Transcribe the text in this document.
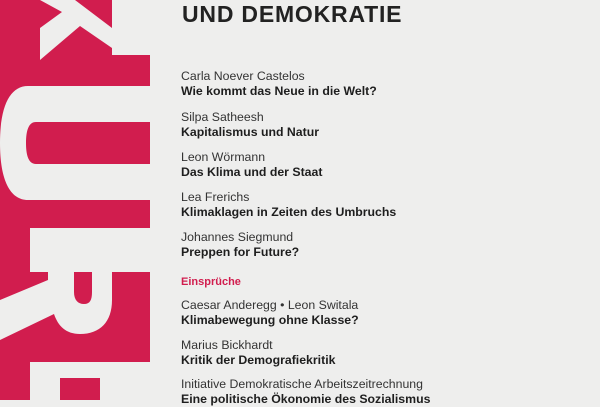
UND DEMOKRATIE
Carla Noever Castelos
Wie kommt das Neue in die Welt?
Silpa Satheesh
Kapitalismus und Natur
Leon Wörmann
Das Klima und der Staat
Lea Frerichs
Klimaklagen in Zeiten des Umbruchs
Johannes Siegmund
Preppen for Future?
Einsprüche
Caesar Anderegg • Leon Switala
Klimabewegung ohne Klasse?
Marius Bickhardt
Kritik der Demografiekritik
Initiative Demokratische Arbeitszeitrechnung
Eine politische Ökonomie des Sozialismus
